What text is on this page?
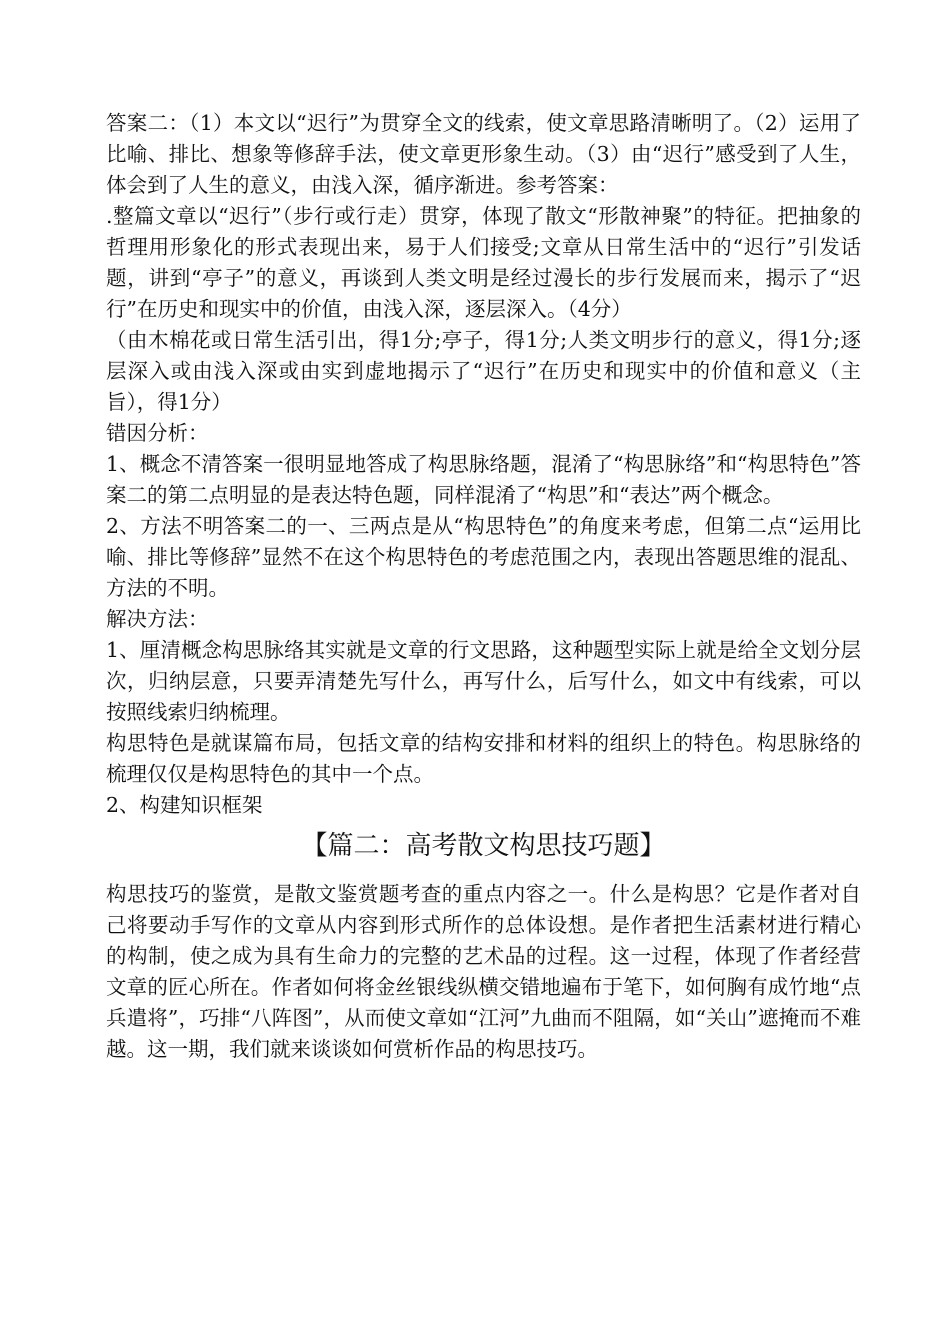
答案二：（1）本文以“迟行”为贯穿全文的线索，使文章思路清晰明了。（2）运用了比喻、排比、想象等修辞手法，使文章更形象生动。（3）由“迟行”感受到了人生，体会到了人生的意义，由浅入深，循序渐进。参考答案：

.整篇文章以“迟行”（步行或行走）贯穿，体现了散文“形散神聚”的特征。把抽象的哲理用形象化的形式表现出来，易于人们接受;文章从日常生活中的“迟行”引发话题，讲到“亭子”的意义，再谈到人类文明是经过漫长的步行发展而来，揭示了“迟行”在历史和现实中的价值，由浅入深，逐层深入。（4分）

（由木棉花或日常生活引出，得1分;亭子，得1分;人类文明步行的意义，得1分;逐层深入或由浅入深或由实到虚地揭示了“迟行”在历史和现实中的价值和意义（主旨），得1分）

错因分析：

1、概念不清答案一很明显地答成了构思脉络题，混淆了“构思脉络”和“构思特色”答案二的第二点明显的是表达特色题，同样混淆了“构思”和“表达”两个概念。

2、方法不明答案二的一、三两点是从“构思特色”的角度来考虑，但第二点“运用比喻、排比等修辞”显然不在这个构思特色的考虑范围之内，表现出答题思维的混乱、方法的不明。

解决方法：

1、厘清概念构思脉络其实就是文章的行文思路，这种题型实际上就是给全文划分层次，归纳层意，只要弄清楚先写什么，再写什么，后写什么，如文中有线索，可以按照线索归纳梳理。

构思特色是就谋篇布局，包括文章的结构安排和材料的组织上的特色。构思脉络的梳理仅仅是构思特色的其中一个点。

2、构建知识框架

【篇二：高考散文构思技巧题】

构思技巧的鉴赏，是散文鉴赏题考查的重点内容之一。什么是构思？它是作者对自己将要动手写作的文章从内容到形式所作的总体设想。是作者把生活素材进行精心的构制，使之成为具有生命力的完整的艺术品的过程。这一过程，体现了作者经营文章的匠心所在。作者如何将金丝银线纵横交错地遍布于笔下，如何胸有成竹地“点兵遣将”，巧排“八阵图”，从而使文章如“江河”九曲而不阻隔，如“关山”遮掩而不难越。这一期，我们就来谈谈如何赏析作品的构思技巧。
